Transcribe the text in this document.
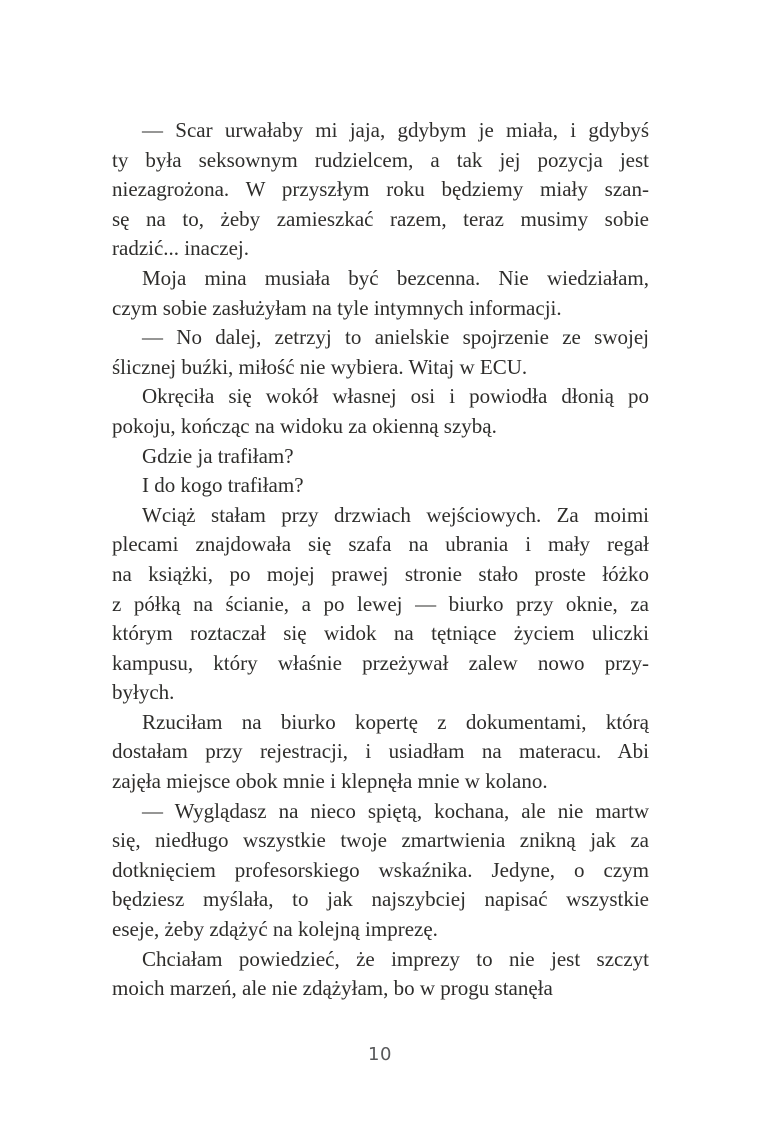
— Scar urwałaby mi jaja, gdybym je miała, i gdybyś
ty była seksownym rudzielcem, a tak jej pozycja jest
niezagrożona. W przyszłym roku będziemy miały szan-
sę na to, żeby zamieszkać razem, teraz musimy sobie
radzić... inaczej.
Moja mina musiała być bezcenna. Nie wiedziałam,
czym sobie zasłużyłam na tyle intymnych informacji.
— No dalej, zetrzyj to anielskie spojrzenie ze swojej
ślicznej buźki, miłość nie wybiera. Witaj w ECU.
Okręciła się wokół własnej osi i powiodła dłonią po
pokoju, kończąc na widoku za okienną szybą.
Gdzie ja trafiłam?
I do kogo trafiłam?
Wciąż stałam przy drzwiach wejściowych. Za moimi
plecami znajdowała się szafa na ubrania i mały regał
na książki, po mojej prawej stronie stało proste łóżko
z półką na ścianie, a po lewej — biurko przy oknie, za
którym roztaczał się widok na tętniące życiem uliczki
kampusu, który właśnie przeżywał zalew nowo przy-
byłych.
Rzuciłam na biurko kopertę z dokumentami, którą
dostałam przy rejestracji, i usiadłam na materacu. Abi
zajęła miejsce obok mnie i klepnęła mnie w kolano.
— Wyglądasz na nieco spiętą, kochana, ale nie martw
się, niedługo wszystkie twoje zmartwienia znikną jak za
dotknięciem profesorskiego wskaźnika. Jedyne, o czym
będziesz myślała, to jak najszybciej napisać wszystkie
eseje, żeby zdążyć na kolejną imprezę.
Chciałam powiedzieć, że imprezy to nie jest szczyt
moich marzeń, ale nie zdążyłam, bo w progu stanęła
10
